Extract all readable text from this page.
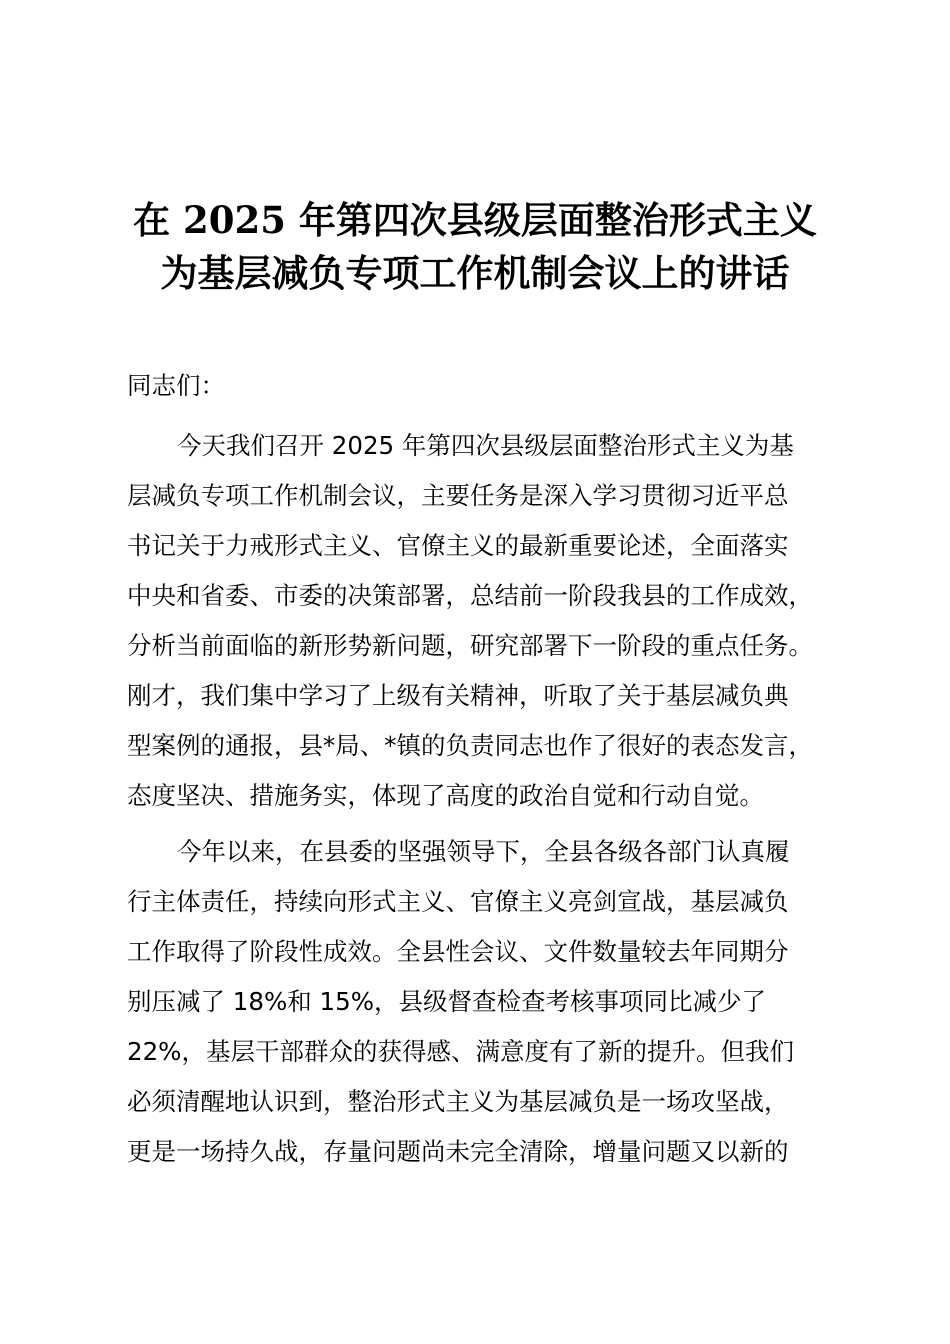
在 2025 年第四次县级层面整治形式主义
为基层减负专项工作机制会议上的讲话
同志们：
今天我们召开 2025 年第四次县级层面整治形式主义为基
层减负专项工作机制会议，主要任务是深入学习贯彻习近平总
书记关于力戒形式主义、官僚主义的最新重要论述，全面落实
中央和省委、市委的决策部署，总结前一阶段我县的工作成效，
分析当前面临的新形势新问题，研究部署下一阶段的重点任务。
刚才，我们集中学习了上级有关精神，听取了关于基层减负典
型案例的通报，县*局、*镇的负责同志也作了很好的表态发言，
态度坚决、措施务实，体现了高度的政治自觉和行动自觉。
今年以来，在县委的坚强领导下，全县各级各部门认真履
行主体责任，持续向形式主义、官僚主义亮剑宣战，基层减负
工作取得了阶段性成效。全县性会议、文件数量较去年同期分
别压减了 18%和 15%，县级督查检查考核事项同比减少了
22%，基层干部群众的获得感、满意度有了新的提升。但我们
必须清醒地认识到，整治形式主义为基层减负是一场攻坚战，
更是一场持久战，存量问题尚未完全清除，增量问题又以新的
